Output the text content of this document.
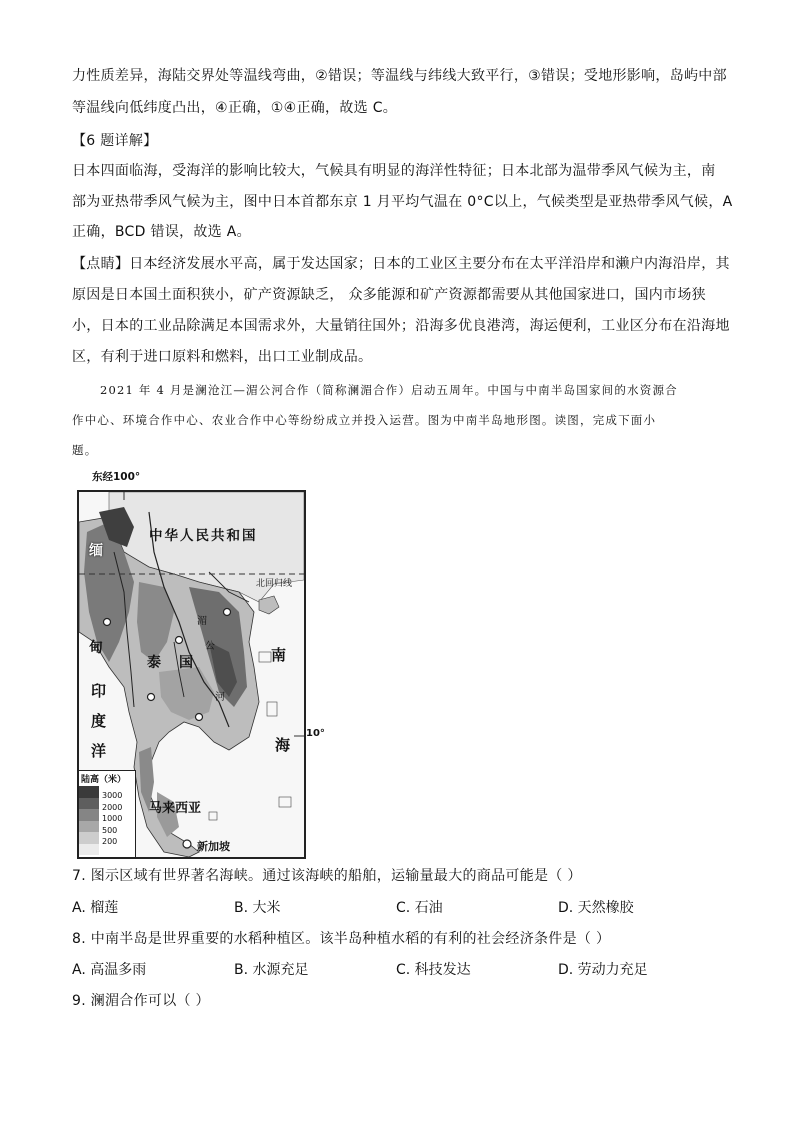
力性质差异，海陆交界处等温线弯曲，②错误；等温线与纬线大致平行，③错误；受地形影响，岛屿中部
等温线向低纬度凸出，④正确，①④正确，故选 C。
【6 题详解】
日本四面临海，受海洋的影响比较大，气候具有明显的海洋性特征；日本北部为温带季风气候为主，南
部为亚热带季风气候为主，图中日本首都东京 1 月平均气温在 0°C以上，气候类型是亚热带季风气候，A
正确，BCD 错误，故选 A。
【点睛】日本经济发展水平高，属于发达国家；日本的工业区主要分布在太平洋沿岸和濑户内海沿岸，其
原因是日本国土面积狭小，矿产资源缺乏， 众多能源和矿产资源都需要从其他国家进口，国内市场狭
小，日本的工业品除满足本国需求外，大量销往国外；沿海多优良港湾，海运便利，工业区分布在沿海地
区，有利于进口原料和燃料，出口工业制成品。
2021 年 4 月是澜沧江—湄公河合作（简称澜湄合作）启动五周年。中国与中南半岛国家间的水资源合
作中心、环境合作中心、农业合作中心等纷纷成立并投入运营。图为中南半岛地形图。读图，完成下面小
题。
东经100°
10°
中华人民共和国
北回归线
缅
甸
泰 国
印
度
洋
南
海
湄
公
河
马来西亚
新加坡
陆高（米）
3000
2000
1000
500
200
7. 图示区域有世界著名海峡。通过该海峡的船舶，运输量最大的商品可能是（ ）
A. 榴莲	B. 大米	C. 石油	D. 天然橡胶
8. 中南半岛是世界重要的水稻种植区。该半岛种植水稻的有利的社会经济条件是（ ）
A. 高温多雨	B. 水源充足	C. 科技发达	D. 劳动力充足
9. 澜湄合作可以（ ）
